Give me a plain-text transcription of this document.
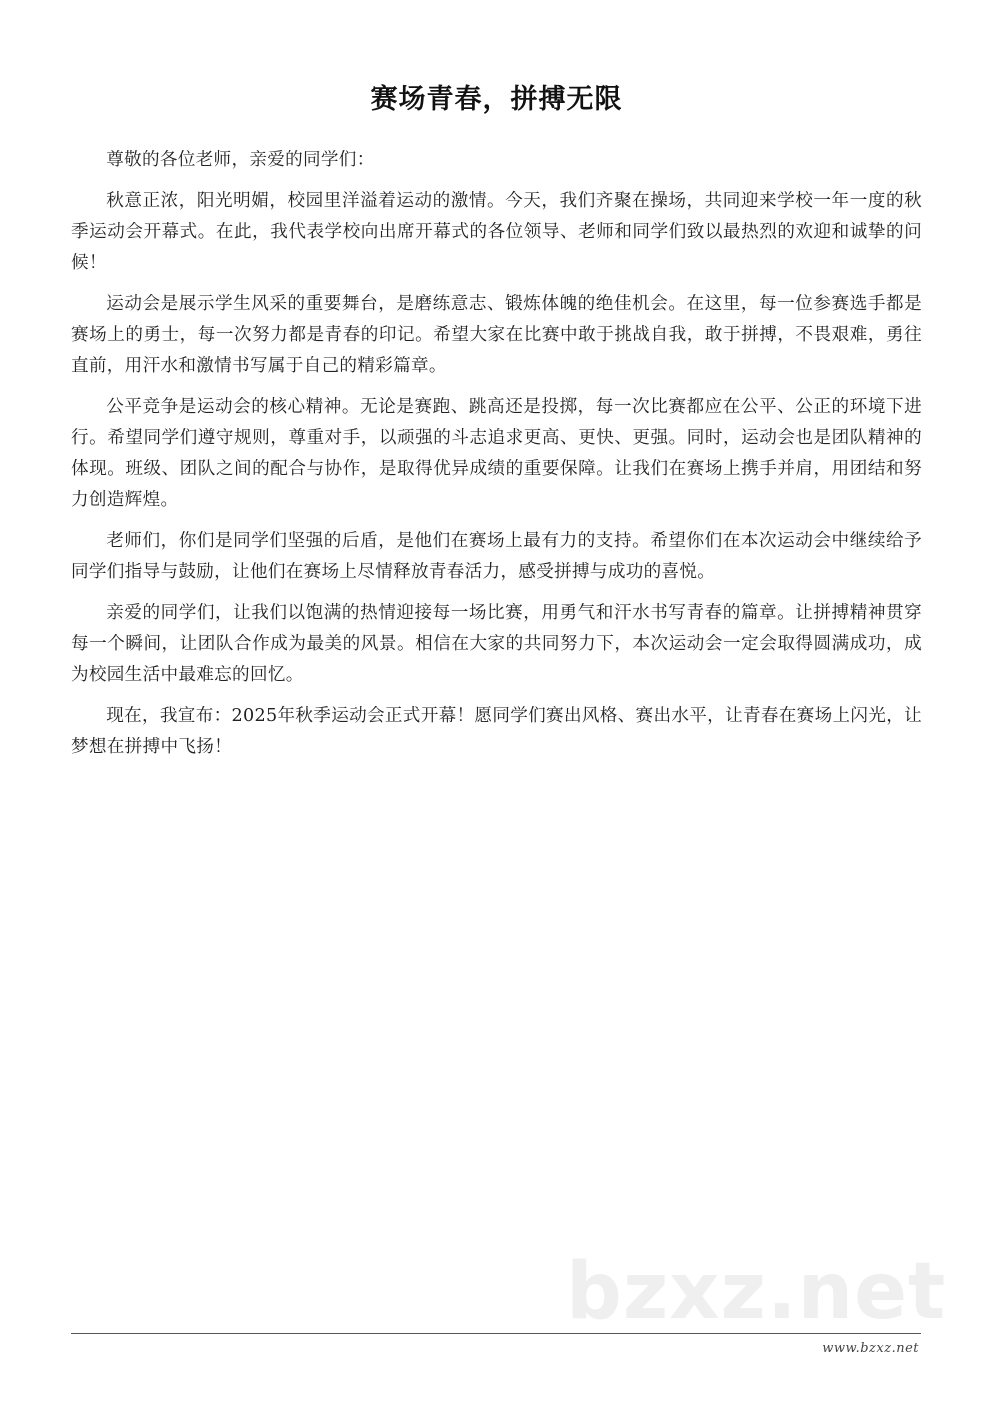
赛场青春，拼搏无限

尊敬的各位老师，亲爱的同学们：

秋意正浓，阳光明媚，校园里洋溢着运动的激情。今天，我们齐聚在操场，共同迎来学校一年一度的秋季运动会开幕式。在此，我代表学校向出席开幕式的各位领导、老师和同学们致以最热烈的欢迎和诚挚的问候！

运动会是展示学生风采的重要舞台，是磨练意志、锻炼体魄的绝佳机会。在这里，每一位参赛选手都是赛场上的勇士，每一次努力都是青春的印记。希望大家在比赛中敢于挑战自我，敢于拼搏，不畏艰难，勇往直前，用汗水和激情书写属于自己的精彩篇章。

公平竞争是运动会的核心精神。无论是赛跑、跳高还是投掷，每一次比赛都应在公平、公正的环境下进行。希望同学们遵守规则，尊重对手，以顽强的斗志追求更高、更快、更强。同时，运动会也是团队精神的体现。班级、团队之间的配合与协作，是取得优异成绩的重要保障。让我们在赛场上携手并肩，用团结和努力创造辉煌。

老师们，你们是同学们坚强的后盾，是他们在赛场上最有力的支持。希望你们在本次运动会中继续给予同学们指导与鼓励，让他们在赛场上尽情释放青春活力，感受拼搏与成功的喜悦。

亲爱的同学们，让我们以饱满的热情迎接每一场比赛，用勇气和汗水书写青春的篇章。让拼搏精神贯穿每一个瞬间，让团队合作成为最美的风景。相信在大家的共同努力下，本次运动会一定会取得圆满成功，成为校园生活中最难忘的回忆。

现在，我宣布：2025年秋季运动会正式开幕！愿同学们赛出风格、赛出水平，让青春在赛场上闪光，让梦想在拼搏中飞扬！

bzxz.net
www.bzxz.net
